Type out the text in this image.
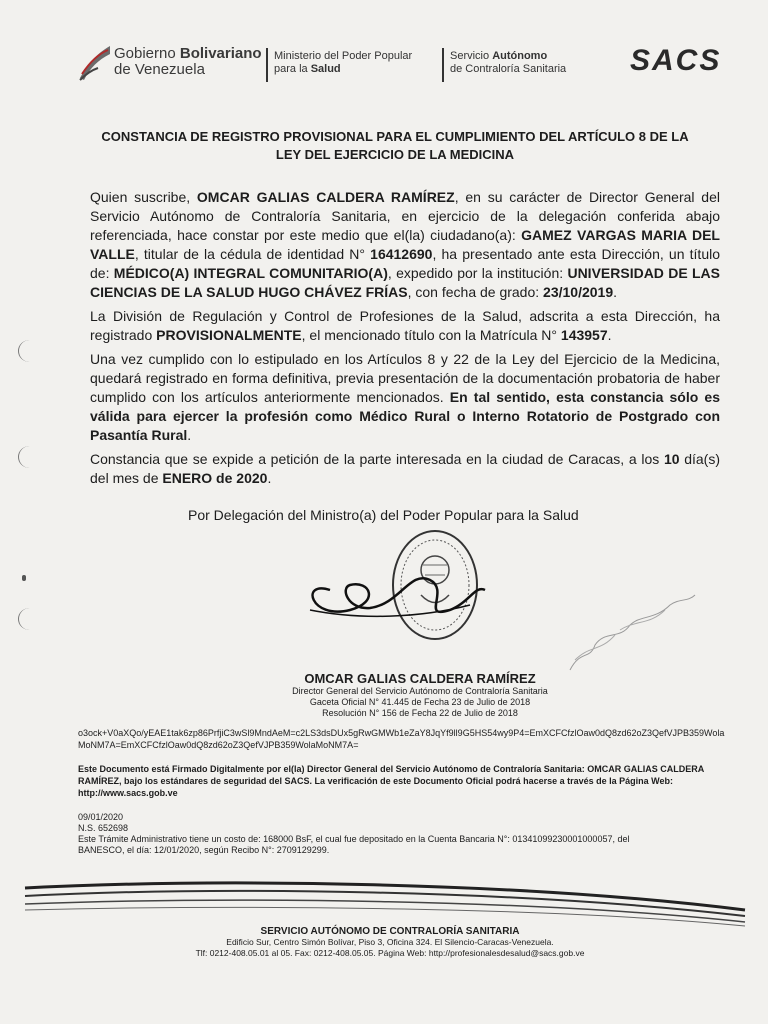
Gobierno Bolivariano
de Venezuela
Ministerio del Poder Popular
para la Salud
Servicio Autónomo
de Contraloría Sanitaria SACS
CONSTANCIA DE REGISTRO PROVISIONAL PARA EL CUMPLIMIENTO DEL ARTÍCULO 8 DE LA
LEY DEL EJERCICIO DE LA MEDICINA

Quien suscribe, OMCAR GALIAS CALDERA RAMÍREZ, en su carácter de Director General del Servicio Autónomo de Contraloría Sanitaria, en ejercicio de la delegación conferida abajo referenciada, hace constar por este medio que el(la) ciudadano(a): GAMEZ VARGAS MARIA DEL VALLE, titular de la cédula de identidad N° 16412690, ha presentado ante esta Dirección, un título de: MÉDICO(A) INTEGRAL COMUNITARIO(A), expedido por la institución: UNIVERSIDAD DE LAS CIENCIAS DE LA SALUD HUGO CHÁVEZ FRÍAS, con fecha de grado: 23/10/2019.

La División de Regulación y Control de Profesiones de la Salud, adscrita a esta Dirección, ha registrado PROVISIONALMENTE, el mencionado título con la Matrícula N° 143957.

Una vez cumplido con lo estipulado en los Artículos 8 y 22 de la Ley del Ejercicio de la Medicina, quedará registrado en forma definitiva, previa presentación de la documentación probatoria de haber cumplido con los artículos anteriormente mencionados. En tal sentido, esta constancia sólo es válida para ejercer la profesión como Médico Rural o Interno Rotatorio de Postgrado con Pasantía Rural.

Constancia que se expide a petición de la parte interesada en la ciudad de Caracas, a los 10 día(s) del mes de ENERO de 2020.

Por Delegación del Ministro(a) del Poder Popular para la Salud
OMCAR GALIAS CALDERA RAMÍREZ
Director General del Servicio Autónomo de Contraloría Sanitaria
Gaceta Oficial N° 41.445 de Fecha 23 de Julio de 2018
Resolución N° 156 de Fecha 22 de Julio de 2018
o3ock+V0aXQo/yEAE1tak6zp86PrfjiC3wSl9MndAeM=c2LS3dsDUx5gRwGMWb1eZaY8JqYf9ll9G5HS54wy9P4=EmXCFCfzlOaw0dQ8zd62oZ3QefVJPB359WolaMoNM7A=EmXCFCfzlOaw0dQ8zd62oZ3QefVJPB359WolaMoNM7A=
Este Documento está Firmado Digitalmente por el(la) Director General del Servicio Autónomo de Contraloría Sanitaria: OMCAR GALIAS CALDERA RAMÍREZ, bajo los estándares de seguridad del SACS. La verificación de este Documento Oficial podrá hacerse a través de la Página Web: http://www.sacs.gob.ve
09/01/2020
N.S. 652698
Este Trámite Administrativo tiene un costo de: 168000 BsF, el cual fue depositado en la Cuenta Bancaria N°: 01341099230001000057, del
BANESCO, el día: 12/01/2020, según Recibo N°: 2709129299.
SERVICIO AUTÓNOMO DE CONTRALORÍA SANITARIA
Edificio Sur, Centro Simón Bolívar, Piso 3, Oficina 324. El Silencio-Caracas-Venezuela.
Tlf: 0212-408.05.01 al 05. Fax: 0212-408.05.05. Página Web: http://profesionalesdesalud@sacs.gob.ve
